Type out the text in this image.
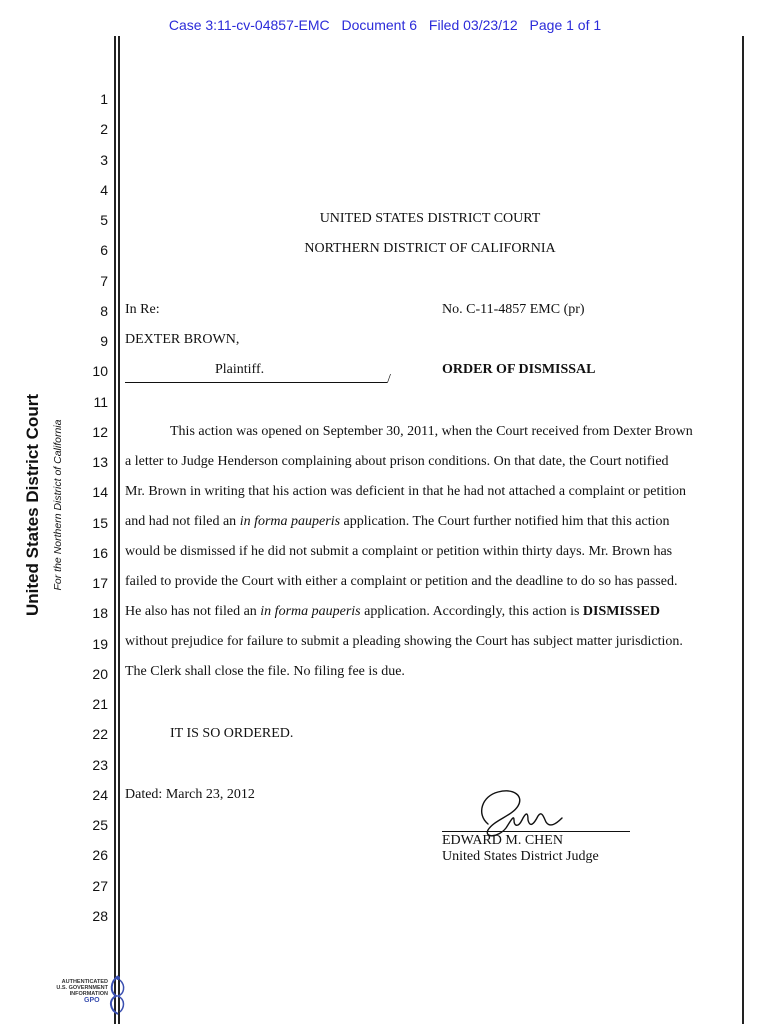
Case 3:11-cv-04857-EMC Document 6 Filed 03/23/12 Page 1 of 1
United States District Court For the Northern District of California
1
2
3
4
5
6
7
8
9
10
11
12
13
14
15
16
17
18
19
20
21
22
23
24
25
26
27
28
UNITED STATES DISTRICT COURT
NORTHERN DISTRICT OF CALIFORNIA
In Re:	No. C-11-4857 EMC (pr)
DEXTER BROWN,
Plaintiff.	ORDER OF DISMISSAL
/
This action was opened on September 30, 2011, when the Court received from Dexter Brown
a letter to Judge Henderson complaining about prison conditions. On that date, the Court notified
Mr. Brown in writing that his action was deficient in that he had not attached a complaint or petition
and had not filed an in forma pauperis application. The Court further notified him that this action
would be dismissed if he did not submit a complaint or petition within thirty days. Mr. Brown has
failed to provide the Court with either a complaint or petition and the deadline to do so has passed.
He also has not filed an in forma pauperis application. Accordingly, this action is DISMISSED
without prejudice for failure to submit a pleading showing the Court has subject matter jurisdiction.
The Clerk shall close the file. No filing fee is due.
IT IS SO ORDERED.
Dated: March 23, 2012
EDWARD M. CHEN
United States District Judge
AUTHENTICATED
U.S. GOVERNMENT
INFORMATION
GPO
